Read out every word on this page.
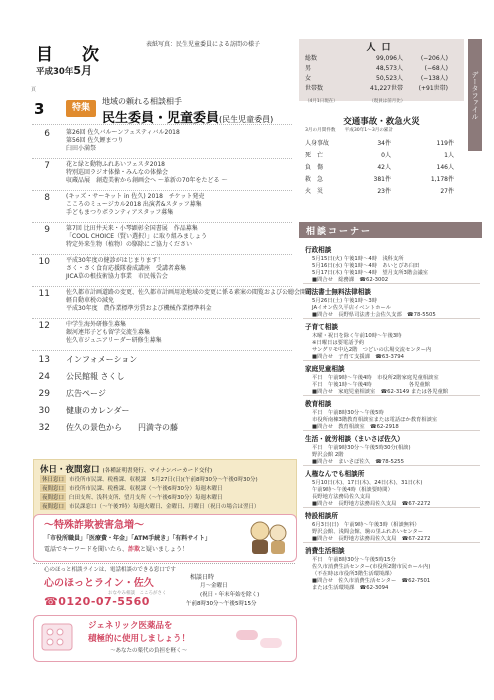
目　次
平成30年5月
表紙写真：民生児童委員による訪問の様子
頁
3	特集
地域の頼れる相談相手
民生委員・児童委員(民生児童委員)
6	第26回 佐久バルーンフェスティバル2018
第56回 佐久鯉まつり
臼田小満祭
7	花と緑と動物ふれあいフェスタ2018
特別巡回ラジオ体操・みんなの体操会
収蔵品展　創造美術から創画会へ ～革新の70年をたどる ～
8	(キッズ・サーキット in 佐久) 2018　チケット発売
こころのミュージカル2018 出演者&スタッフ募集
手どもまつりボランティアスタッフ募集
9	第7回 比田井天来・小琴顕彰全国書展　作品募集
「COOL CHOICE（賢い選択）」に取り組みましょう
特定外来生物（植物）の駆除にご協力ください
10	平成30年度の健診がはじまります！
さく・さく食育応援隊養成講座　受講者募集
JICA草の根技術協力事業　市民報告会
11	佐久都市計画道路の変更、佐久都市計画用途地域の変更に係る素案の閲覧および公聴会開催
軽自動車税の減免
平成30年度　農作業標準労賃および機械作業標準料金
12	中学生海外研修生募集
銀河連邦子ども留学交流生募集
佐久市ジュニアリーダー研修生募集
13 インフォメーション
24 公民館報 さくし
29 広告ページ
30 健康のカレンダー
32 佐久の景色から　　円満寺の藤
休日・夜間窓口 (各種証明書発行、マイナンバーカード交付)
休日窓口 市役所市民課、税務課、収税課　5月27日(日)(午前8時30分～午後0時30分)
夜間窓口 市役所市民課、税務課、収税課（～午後6時30分）毎週木曜日
夜間窓口 臼田支所、浅科支所、望月支所（～午後6時30分）毎週木曜日
夜間窓口 市民課窓口（～午後7時）毎週火曜日、金曜日、月曜日（祝日の場合は翌日）
～特殊詐欺被害急増～
「市役所職員」「医療費・年金」「ATM手続き」「有料サイト」
電話でキーワードを聞いたら、詐欺と疑いましょう！
心のほっと相談ラインは、電話相談のできる窓口です
心のほっとライン・佐久
おなやみ相談　こころがさく
☎0120-07-5560
相談日時
月～金曜日
(祝日・年末年始を除く)
午前8時30分～午後5時15分
ジェネリック医薬品を
積極的に使用しましょう！
～あなたの薬代の負担を軽く～
人口
総数	99,096人	(−206人)
男	48,573人	(−68人)
女	50,523人	(−138人)
世帯数	41,227世帯	(+91世帯)
（4月1日現在）　　　　　　　　（現員は前月比）	データファイル
交通事故・救急火災
3月の月間件数　　平成30年1～3月の累計
人身事故	34件	119件
死　亡	0人	1人
負　傷	42人	146人
救　急	381件	1,178件
火　災	23件	27件
相談コーナー
行政相談
5月15日(火) 午後1時～4時　浅科支所
5月16日(水) 午後1時～4時　あいとぴあ臼田
5月17日(木) 午後1時～4時　望月支所3階会議室
■問合せ　総務課　☎62-3002
司法書士無料法律相談
5月26日(土) 午後1時～3時
JAイオン佐久平店イベントホール
■問合せ　長野県司法書士会佐久支部　☎78-5505
子育て相談
木曜・祝日を除く午前10時～午後3時
※日曜日は要電話予約
サングリモ中込2階　つどいの広場交流センター内
■問合せ　子育て支援課　☎63-3794
家庭児童相談
平日　午前9時～午後4時　市役所2階家庭児童相談室
平日　午後1時～午後4時　　　　　　　各児童館
■問合せ　家庭児童相談室　☎62-3149 または各児童館
教育相談
平日　午前8時30分～午後5時
市役所南棟3階教育相談室または電話ほか教育相談室
■問合せ　教育相談室　☎62-2918
生活・就労相談（まいさぽ佐久）
平日　午前9時30分～午後5時30分(相談)
野沢会館 2階
■問合せ　まいさぽ佐久　☎78-5255
人権なんでも相談所
5月10日(木)、17日(木)、24日(木)、31日(木)
午前9時～午後4時（相談要時間）
長野地方法務局佐久支局
■問合せ　長野地方法務局佐久支局　☎67-2272
特設相談所
6月3日(日)　午前9時～午後3時（相談無料）
野沢会館、浅間会館、駒の里ふれあいセンター
■問合せ　長野地方法務局佐久支局　☎67-2272
消費生活相談
平日　午前8時30分～午後5時15分
佐久市消費生活センター(市役所2階市民ホール内)
（不在時は市役所3階生活環境課）
■問合せ　佐久市消費生活センター　☎62-7501
または生活環境課　☎62-3094
